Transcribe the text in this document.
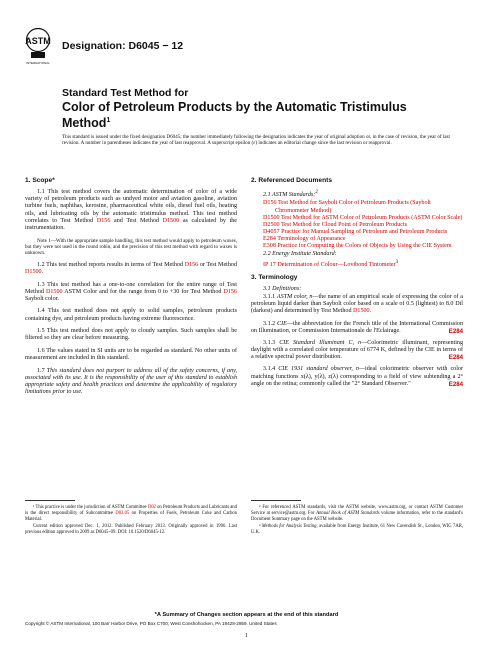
ASTM
INTERNATIONAL
Designation: D6045 − 12
Standard Test Method for
Color of Petroleum Products by the Automatic Tristimulus
Method$^1$
This standard is issued under the fixed designation D6045; the number immediately following the designation indicates the year of original adoption or, in the case of revision, the year of last revision. A number in parentheses indicates the year of last reapproval. A superscript epsilon (ε) indicates an editorial change since the last revision or reapproval.
1. Scope*

1.1 This test method covers the automatic determination of color of a wide variety of petroleum products such as undyed motor and aviation gasoline, aviation turbine fuels, naphthas, kerosine, pharmaceutical white oils, diesel fuel oils, heating oils, and lubricating oils by the automatic tristimulus method. This test method correlates to Test Method D156 and Test Method D1500 as calculated by the instrumentation.

Note 1—With the appropriate sample handling, this test method would apply to petroleum waxes, but they were not used in the round robin, and the precision of this test method with regard to waxes is unknown.

1.2 This test method reports results in terms of Test Method D156 or Test Method D1500.

1.3 This test method has a one-to-one correlation for the entire range of Test Method D1500 ASTM Color and for the range from 0 to +30 for Test Method D156 Saybolt color.

1.4 This test method does not apply to solid samples, petroleum products containing dye, and petroleum products having extreme fluorescence.

1.5 This test method does not apply to cloudy samples. Such samples shall be filtered so they are clear before measuring.

1.6 The values stated in SI units are to be regarded as standard. No other units of measurement are included in this standard.

1.7 This standard does not purport to address all of the safety concerns, if any, associated with its use. It is the responsibility of the user of this standard to establish appropriate safety and health practices and determine the applicability of regulatory limitations prior to use.

2. Referenced Documents
2.1 ASTM Standards:$^2$
D156 Test Method for Saybolt Color of Petroleum Products (Saybolt Chromometer Method)
D1500 Test Method for ASTM Color of Petroleum Products (ASTM Color Scale)
D2500 Test Method for Cloud Point of Petroleum Products
D4057 Practice for Manual Sampling of Petroleum and Petroleum Products
E284 Terminology of Appearance
E308 Practice for Computing the Colors of Objects by Using the CIE System
2.2 Energy Institute Standard:
IP 17 Determination of Colour—Lovibond Tintometer$^3$
3. Terminology
3.1 Definitions:
3.1.1 ASTM color, n—the name of an empirical scale of expressing the color of a petroleum liquid darker than Saybolt color based on a scale of 0.5 (lightest) to 8.0 Dil (darkest) and determined by Test Method D1500.
3.1.2 CIE—the abbreviation for the French title of the International Commission on Illumination, or Commission Internationale de l'Eclairage.	E284
3.1.3 CIE Standard Illuminant C, n—Colorimetric illuminant, representing daylight with a correlated color temperature of 6774 K, defined by the CIE in terms of a relative spectral power distribution.	E284
3.1.4 CIE 1931 standard observer, n—ideal colorimetric observer with color matching functions x(λ), y(λ), z(λ) corresponding to a field of view subtending a 2° angle on the retina; commonly called the "2° Standard Observer."	E284

¹ This practice is under the jurisdiction of ASTM Committee D02 on Petroleum Products and Lubricants and is the direct responsibility of Subcommittee D02.05 on Properties of Fuels, Petroleum Coke and Carbon Material.

Current edition approved Dec. 1, 2012. Published February 2013. Originally approved in 1996. Last previous edition approved in 2009 as D6045–09. DOI: 10.1520/D6045-12.

² For referenced ASTM standards, visit the ASTM website, www.astm.org, or contact ASTM Customer Service at service@astm.org. For Annual Book of ASTM Standards volume information, refer to the standard's Document Summary page on the ASTM website.

³ Methods for Analysis Testing, available from Energy Institute, 61 New Cavendish St., London, WIG 7AR, U.K.

*A Summary of Changes section appears at the end of this standard
Copyright © ASTM International, 100 Barr Harbor Drive, PO Box C700, West Conshohocken, PA 19428-2959. United States
1
